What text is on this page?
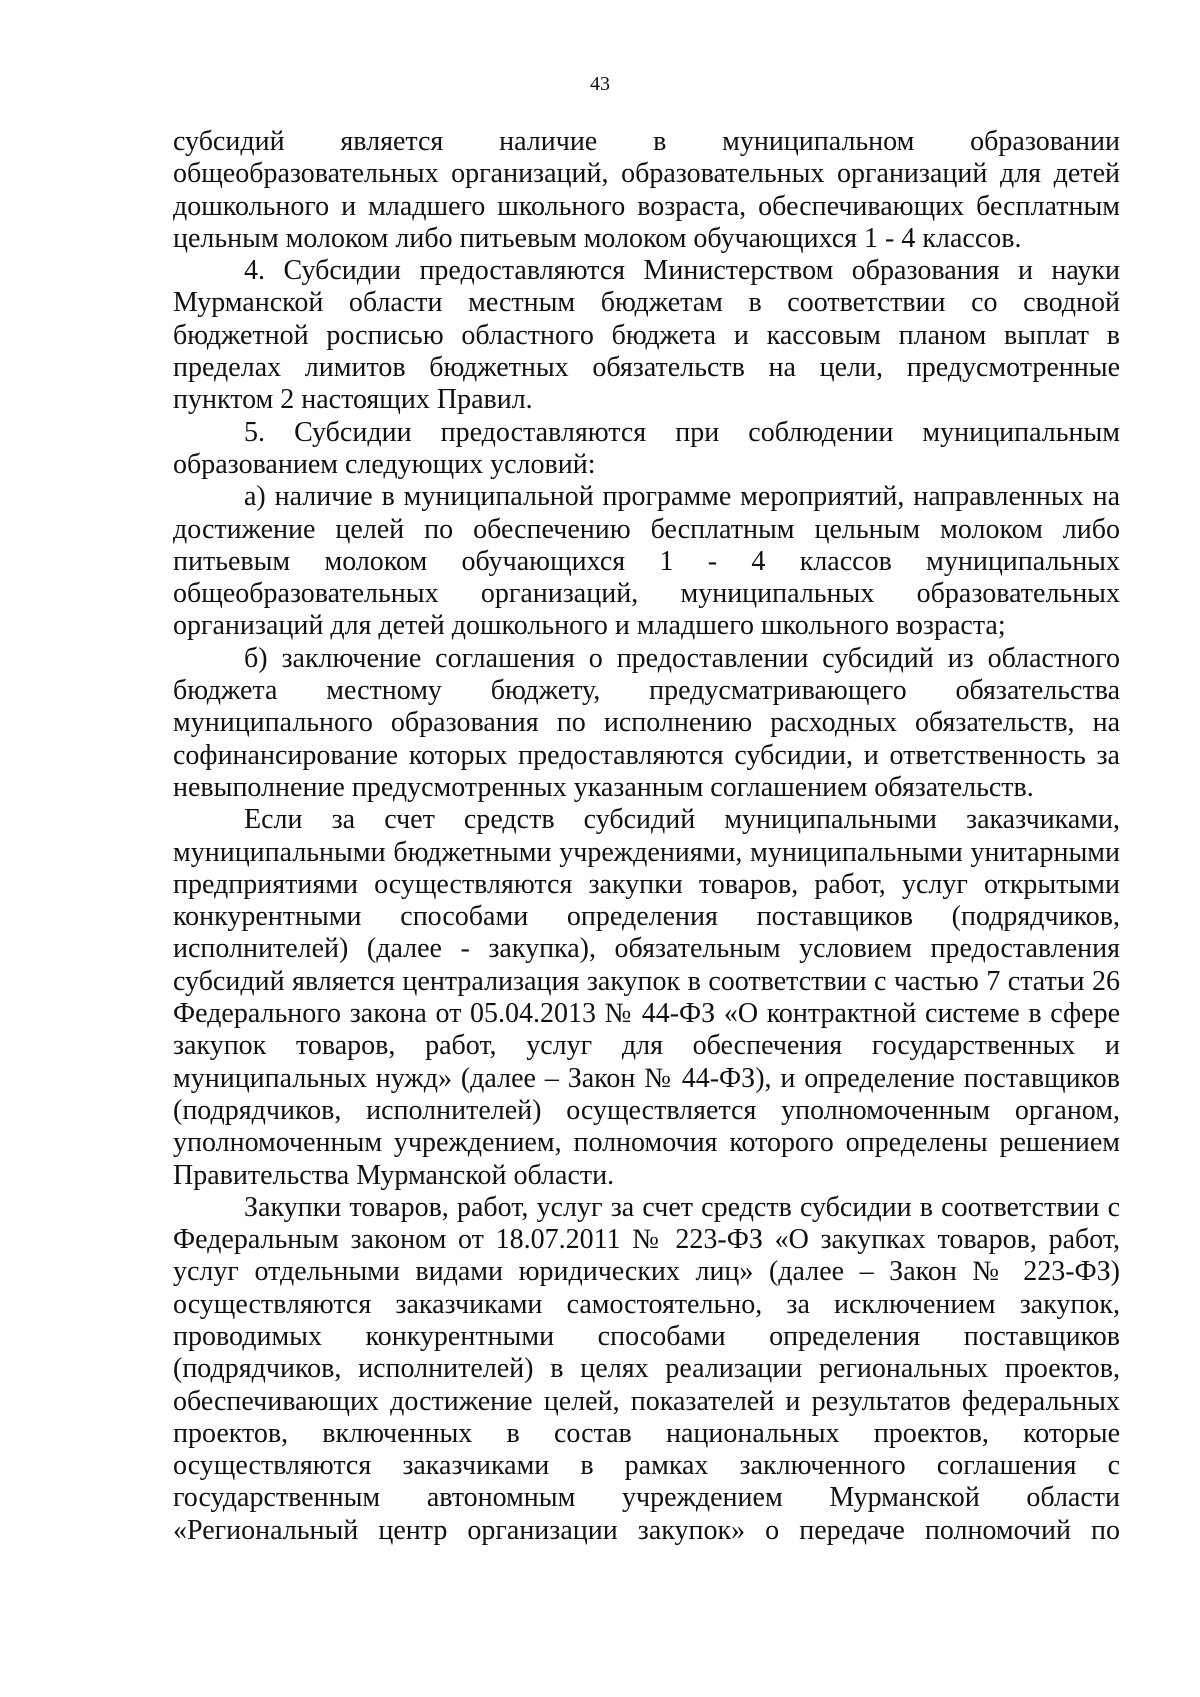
43

субсидий является наличие в муниципальном образовании общеобразовательных организаций, образовательных организаций для детей дошкольного и младшего школьного возраста, обеспечивающих бесплатным цельным молоком либо питьевым молоком обучающихся 1 - 4 классов.

4. Субсидии предоставляются Министерством образования и науки Мурманской области местным бюджетам в соответствии со сводной бюджетной росписью областного бюджета и кассовым планом выплат в пределах лимитов бюджетных обязательств на цели, предусмотренные пунктом 2 настоящих Правил.

5. Субсидии предоставляются при соблюдении муниципальным образованием следующих условий:

а) наличие в муниципальной программе мероприятий, направленных на достижение целей по обеспечению бесплатным цельным молоком либо питьевым молоком обучающихся 1 - 4 классов муниципальных общеобразовательных организаций, муниципальных образовательных организаций для детей дошкольного и младшего школьного возраста;

б) заключение соглашения о предоставлении субсидий из областного бюджета местному бюджету, предусматривающего обязательства муниципального образования по исполнению расходных обязательств, на софинансирование которых предоставляются субсидии, и ответственность за невыполнение предусмотренных указанным соглашением обязательств.

Если за счет средств субсидий муниципальными заказчиками, муниципальными бюджетными учреждениями, муниципальными унитарными предприятиями осуществляются закупки товаров, работ, услуг открытыми конкурентными способами определения поставщиков (подрядчиков, исполнителей) (далее - закупка), обязательным условием предоставления субсидий является централизация закупок в соответствии с частью 7 статьи 26 Федерального закона от 05.04.2013 № 44-ФЗ «О контрактной системе в сфере закупок товаров, работ, услуг для обеспечения государственных и муниципальных нужд» (далее – Закон № 44-ФЗ), и определение поставщиков (подрядчиков, исполнителей) осуществляется уполномоченным органом, уполномоченным учреждением, полномочия которого определены решением Правительства Мурманской области.

Закупки товаров, работ, услуг за счет средств субсидии в соответствии с Федеральным законом от 18.07.2011 № 223-ФЗ «О закупках товаров, работ, услуг отдельными видами юридических лиц» (далее – Закон № 223-ФЗ) осуществляются заказчиками самостоятельно, за исключением закупок, проводимых конкурентными способами определения поставщиков (подрядчиков, исполнителей) в целях реализации региональных проектов, обеспечивающих достижение целей, показателей и результатов федеральных проектов, включенных в состав национальных проектов, которые осуществляются заказчиками в рамках заключенного соглашения с государственным автономным учреждением Мурманской области «Региональный центр организации закупок» о передаче полномочий по
